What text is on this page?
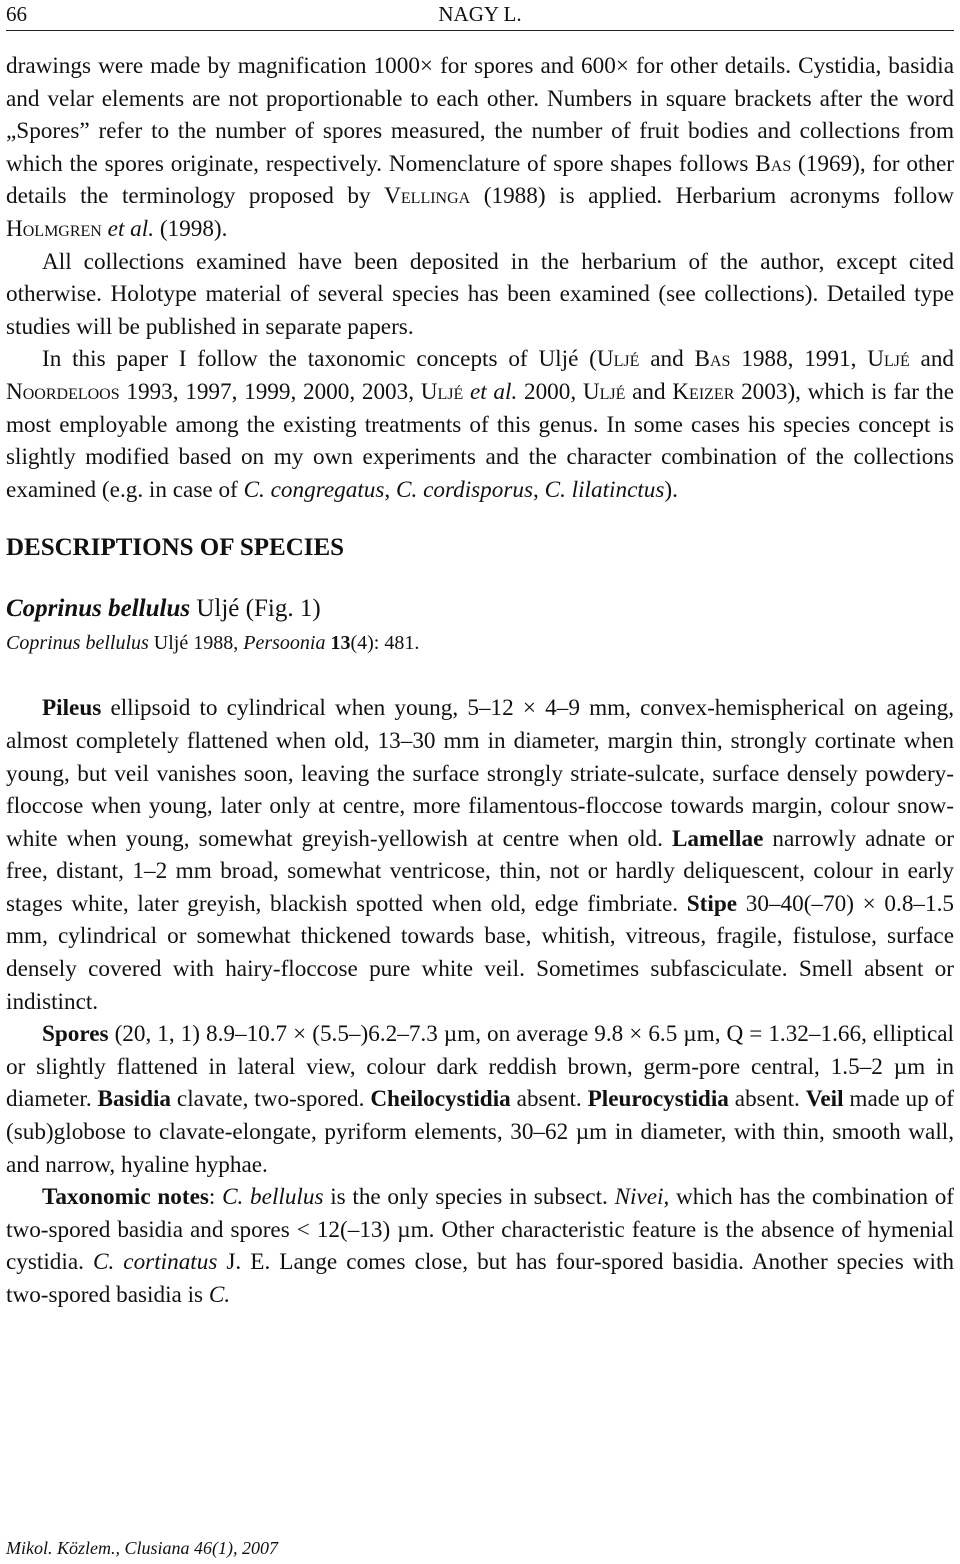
66	NAGY L.

drawings were made by magnification 1000× for spores and 600× for other details. Cystidia, basidia and velar elements are not proportionable to each other. Numbers in square brackets after the word „Spores” refer to the number of spores measured, the number of fruit bodies and collections from which the spores originate, respectively. Nomenclature of spore shapes follows Bas (1969), for other details the terminology proposed by Vellinga (1988) is applied. Herbarium acronyms follow Holmgren et al. (1998).

All collections examined have been deposited in the herbarium of the author, except cited otherwise. Holotype material of several species has been examined (see collections). Detailed type studies will be published in separate papers.

In this paper I follow the taxonomic concepts of Uljé (Uljé and Bas 1988, 1991, Uljé and Noordeloos 1993, 1997, 1999, 2000, 2003, Uljé et al. 2000, Uljé and Keizer 2003), which is far the most employable among the existing treatments of this genus. In some cases his species concept is slightly modified based on my own experiments and the character combination of the collections examined (e.g. in case of C. congregatus, C. cordisporus, C. lilatinctus).

DESCRIPTIONS OF SPECIES

Coprinus bellulus Uljé (Fig. 1)

Coprinus bellulus Uljé 1988, Persoonia 13(4): 481.

Pileus ellipsoid to cylindrical when young, 5–12 × 4–9 mm, convex-hemispherical on ageing, almost completely flattened when old, 13–30 mm in diameter, margin thin, strongly cortinate when young, but veil vanishes soon, leaving the surface strongly striate-sulcate, surface densely powdery-floccose when young, later only at centre, more filamentous-floccose towards margin, colour snow-white when young, somewhat greyish-yellowish at centre when old. Lamellae narrowly adnate or free, distant, 1–2 mm broad, somewhat ventricose, thin, not or hardly deliquescent, colour in early stages white, later greyish, blackish spotted when old, edge fimbriate. Stipe 30–40(–70) × 0.8–1.5 mm, cylindrical or somewhat thickened towards base, whitish, vitreous, fragile, fistulose, surface densely covered with hairy-floccose pure white veil. Sometimes subfasciculate. Smell absent or indistinct.

Spores (20, 1, 1) 8.9–10.7 × (5.5–)6.2–7.3 µm, on average 9.8 × 6.5 µm, Q = 1.32–1.66, elliptical or slightly flattened in lateral view, colour dark reddish brown, germ-pore central, 1.5–2 µm in diameter. Basidia clavate, two-spored. Cheilocystidia absent. Pleurocystidia absent. Veil made up of (sub)globose to clavate-elongate, pyriform elements, 30–62 µm in diameter, with thin, smooth wall, and narrow, hyaline hyphae.

Taxonomic notes: C. bellulus is the only species in subsect. Nivei, which has the combination of two-spored basidia and spores < 12(–13) µm. Other characteristic feature is the absence of hymenial cystidia. C. cortinatus J. E. Lange comes close, but has four-spored basidia. Another species with two-spored basidia is C.

Mikol. Közlem., Clusiana 46(1), 2007
